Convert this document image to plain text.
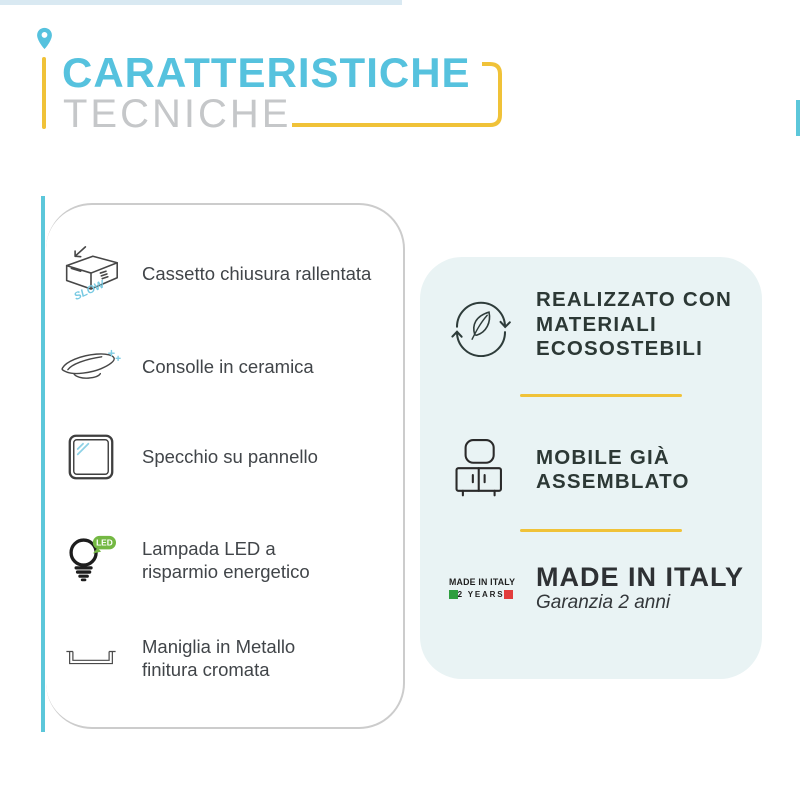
CARATTERISTICHE
TECNICHE
SLOW

Cassetto chiusura rallentata

Consolle in ceramica

Specchio su pannello

LED Lampada LED a
risparmio energetico

Maniglia in Metallo
finitura cromata

REALIZZATO CON
MATERIALI
ECOSOSTEBILI
MOBILE GIÀ
ASSEMBLATO
MADE IN ITALY
2 YEARS
MADE IN ITALY
Garanzia 2 anni
